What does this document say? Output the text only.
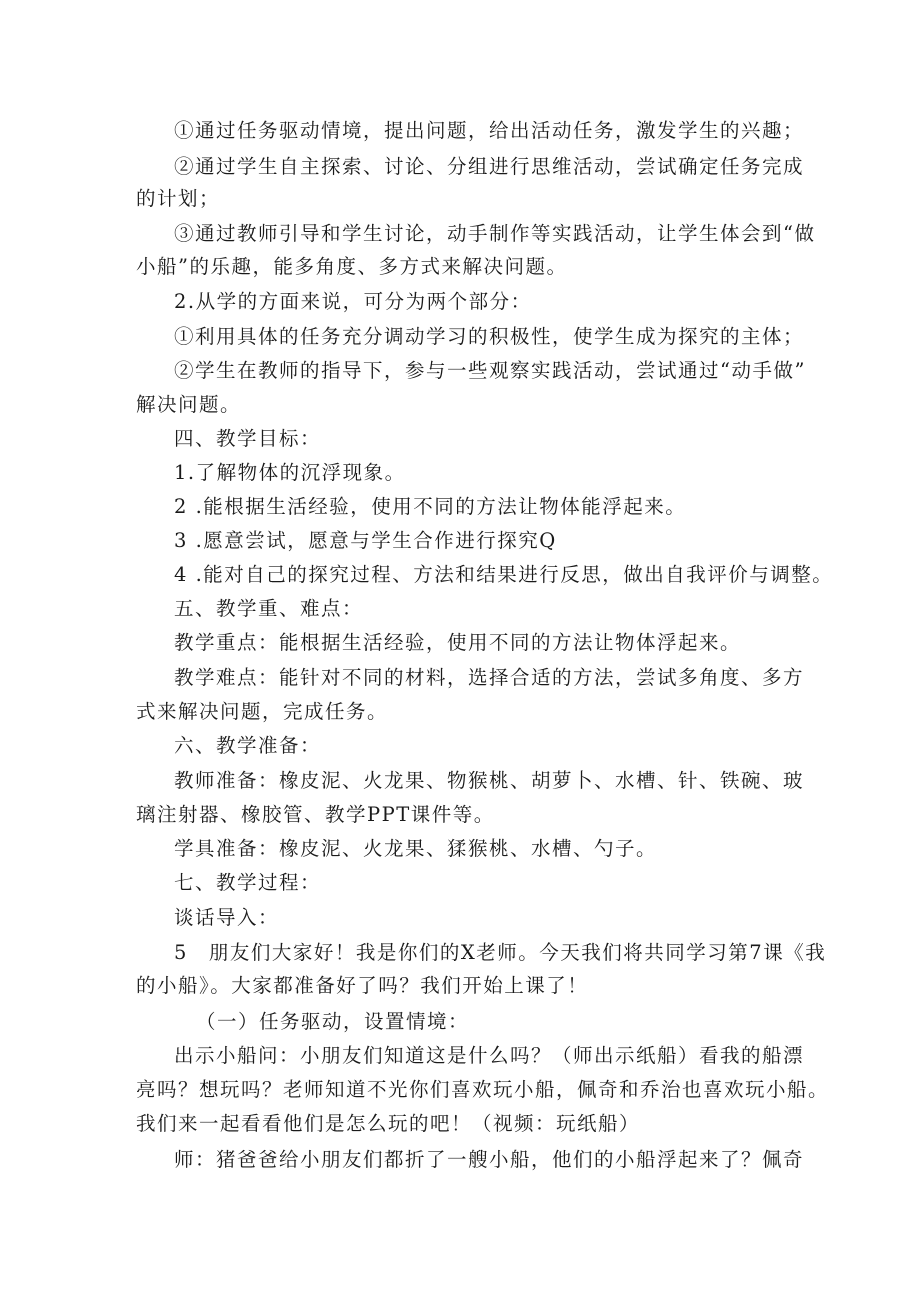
①通过任务驱动情境，提出问题，给出活动任务，激发学生的兴趣；
②通过学生自主探索、讨论、分组进行思维活动，尝试确定任务完成
的计划；
③通过教师引导和学生讨论，动手制作等实践活动，让学生体会到“做
小船”的乐趣，能多角度、多方式来解决问题。
2.从学的方面来说，可分为两个部分：
①利用具体的任务充分调动学习的积极性，使学生成为探究的主体；
②学生在教师的指导下，参与一些观察实践活动，尝试通过“动手做”
解决问题。
四、教学目标：
1.了解物体的沉浮现象。
2 .能根据生活经验，使用不同的方法让物体能浮起来。
3 .愿意尝试，愿意与学生合作进行探究Q
4 .能对自己的探究过程、方法和结果进行反思，做出自我评价与调整。
五、教学重、难点：
教学重点：能根据生活经验，使用不同的方法让物体浮起来。
教学难点：能针对不同的材料，选择合适的方法，尝试多角度、多方
式来解决问题，完成任务。
六、教学准备：
教师准备：橡皮泥、火龙果、物猴桃、胡萝卜、水槽、针、铁碗、玻
璃注射器、橡胶管、教学PPT课件等。
学具准备：橡皮泥、火龙果、猱猴桃、水槽、勺子。
七、教学过程：
谈话导入：
5　朋友们大家好！我是你们的X老师。今天我们将共同学习第7课《我
的小船》。大家都准备好了吗？我们开始上课了！
（一）任务驱动，设置情境：
出示小船问：小朋友们知道这是什么吗？（师出示纸船）看我的船漂
亮吗？想玩吗？老师知道不光你们喜欢玩小船，佩奇和乔治也喜欢玩小船。
我们来一起看看他们是怎么玩的吧！（视频：玩纸船）
师：猪爸爸给小朋友们都折了一艘小船，他们的小船浮起来了？佩奇
